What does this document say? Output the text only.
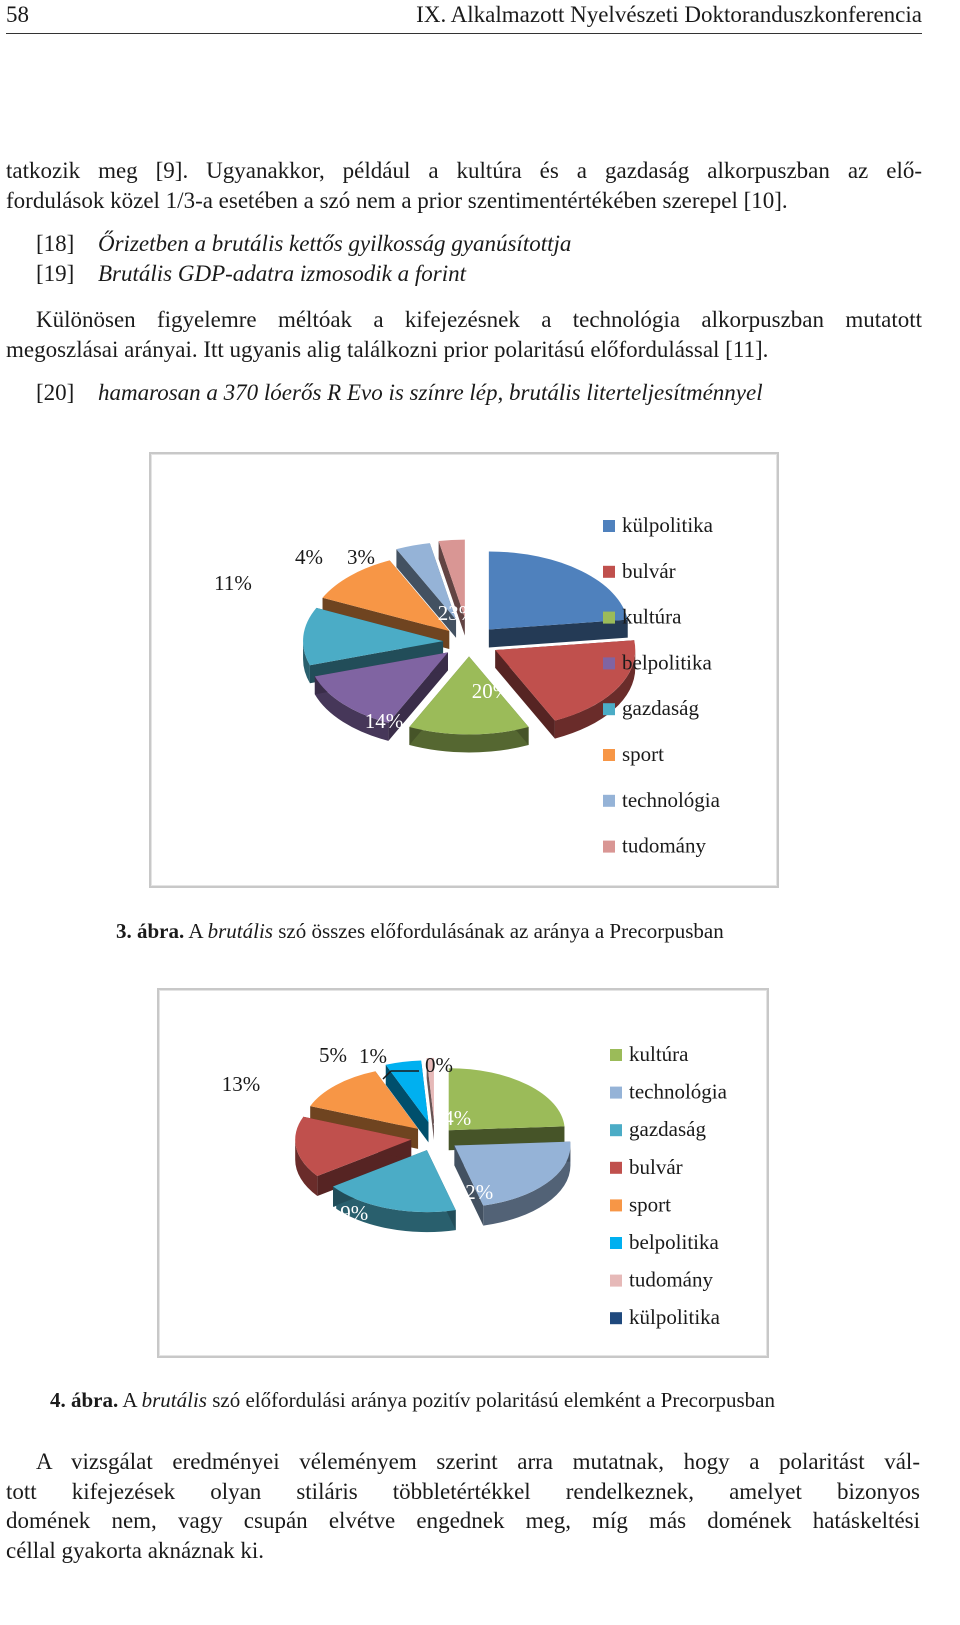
58	IX. Alkalmazott Nyelvészeti Doktoranduszkonferencia
tatkozik meg [9]. Ugyanakkor, például a kultúra és a gazdaság alkorpuszban az elő-
fordulások közel 1/3-a esetében a szó nem a prior szentimentértékében szerepel [10].
[18] Őrizetben a brutális kettős gyilkosság gyanúsítottja
[19] Brutális GDP-adatra izmosodik a forint
Különösen figyelemre méltóak a kifejezésnek a technológia alkorpuszban mutatott
megoszlásai arányai. Itt ugyanis alig találkozni prior polaritású előfordulással [11].
[20] hamarosan a 370 lóerős R Evo is színre lép, brutális literteljesítménnyel
23%
20%
14%
13%
12%
11%
4% 3%
külpolitika
bulvár
kultúra
belpolitika
gazdaság
sport
technológia
tudomány
3. ábra. A brutális szó összes előfordulásának az aránya a Precorpusban
24%
22%
19%
16%
13%
5% 1% 0%	kultúra
technológia
gazdaság
bulvár
sport
belpolitika
tudomány
külpolitika
4. ábra. A brutális szó előfordulási aránya pozitív polaritású elemként a Precorpusban
A vizsgálat eredményei véleményem szerint arra mutatnak, hogy a polaritást vál-
tott kifejezések olyan stiláris többletértékkel rendelkeznek, amelyet bizonyos
domének nem, vagy csupán elvétve engednek meg, míg más domének hatáskeltési
céllal gyakorta aknáznak ki.
